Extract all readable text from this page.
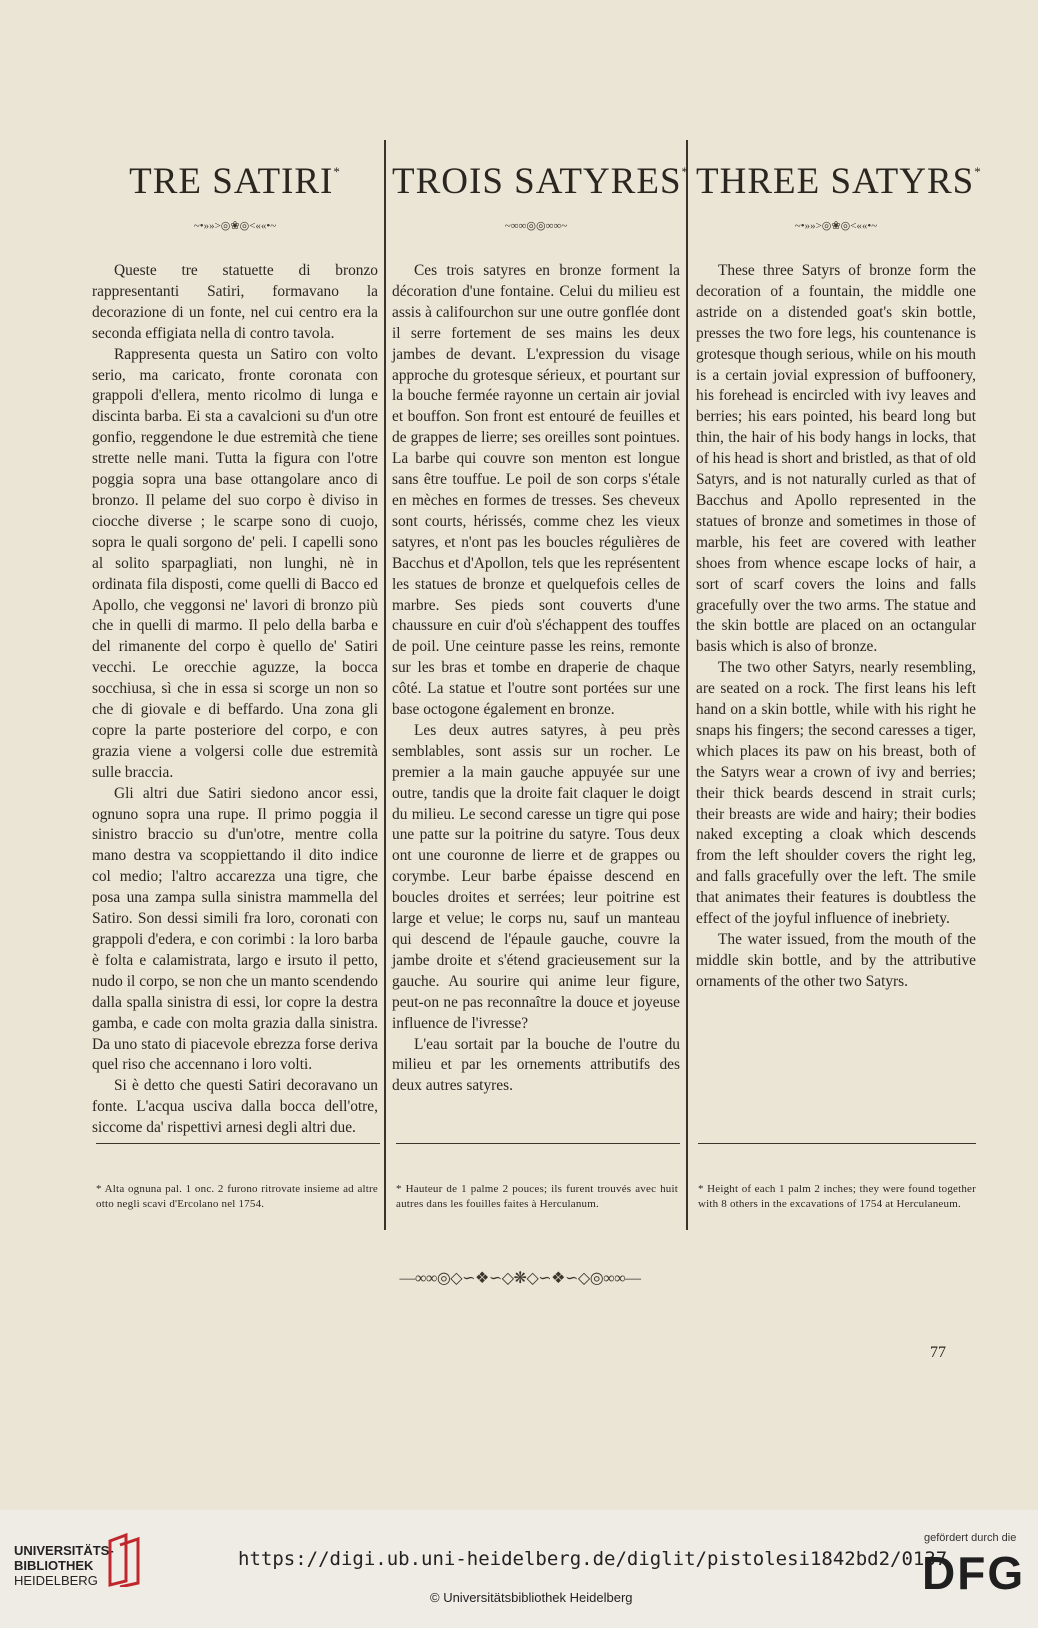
TRE SATIRI*
~•»»>◎❀◎<««•~

Queste tre statuette di bronzo rappresentanti Satiri, formavano la decorazione di un fonte, nel cui centro era la seconda effigiata nella di contro tavola.

Rappresenta questa un Satiro con volto serio, ma caricato, fronte coronata con grappoli d'ellera, mento ricolmo di lunga e discinta barba. Ei sta a cavalcioni su d'un otre gonfio, reggendone le due estremità che tiene strette nelle mani. Tutta la figura con l'otre poggia sopra una base ottangolare anco di bronzo. Il pelame del suo corpo è diviso in ciocche diverse ; le scarpe sono di cuojo, sopra le quali sorgono de' peli. I capelli sono al solito sparpagliati, non lunghi, nè in ordinata fila disposti, come quelli di Bacco ed Apollo, che veggonsi ne' lavori di bronzo più che in quelli di marmo. Il pelo della barba e del rimanente del corpo è quello de' Satiri vecchi. Le orecchie aguzze, la bocca socchiusa, sì che in essa si scorge un non so che di giovale e di beffardo. Una zona gli copre la parte posteriore del corpo, e con grazia viene a volgersi colle due estremità sulle braccia.

Gli altri due Satiri siedono ancor essi, ognuno sopra una rupe. Il primo poggia il sinistro braccio su d'un'otre, mentre colla mano destra va scoppiettando il dito indice col medio; l'altro accarezza una tigre, che posa una zampa sulla sinistra mammella del Satiro. Son dessi simili fra loro, coronati con grappoli d'edera, e con corimbi : la loro barba è folta e calamistrata, largo e irsuto il petto, nudo il corpo, se non che un manto scendendo dalla spalla sinistra di essi, lor copre la destra gamba, e cade con molta grazia dalla sinistra. Da uno stato di piacevole ebrezza forse deriva quel riso che accennano i loro volti.

Si è detto che questi Satiri decoravano un fonte. L'acqua usciva dalla bocca dell'otre, siccome da' rispettivi arnesi degli altri due.

TROIS SATYRES*
~∞∞◎◎∞∞~

Ces trois satyres en bronze forment la décoration d'une fontaine. Celui du milieu est assis à califourchon sur une outre gonflée dont il serre fortement de ses mains les deux jambes de devant. L'expression du visage approche du grotesque sérieux, et pourtant sur la bouche fermée rayonne un certain air jovial et bouffon. Son front est entouré de feuilles et de grappes de lierre; ses oreilles sont pointues. La barbe qui couvre son menton est longue sans être touffue. Le poil de son corps s'étale en mèches en formes de tresses. Ses cheveux sont courts, hérissés, comme chez les vieux satyres, et n'ont pas les boucles régulières de Bacchus et d'Apollon, tels que les représentent les statues de bronze et quelquefois celles de marbre. Ses pieds sont couverts d'une chaussure en cuir d'où s'échappent des touffes de poil. Une ceinture passe les reins, remonte sur les bras et tombe en draperie de chaque côté. La statue et l'outre sont portées sur une base octogone également en bronze.

Les deux autres satyres, à peu près semblables, sont assis sur un rocher. Le premier a la main gauche appuyée sur une outre, tandis que la droite fait claquer le doigt du milieu. Le second caresse un tigre qui pose une patte sur la poitrine du satyre. Tous deux ont une couronne de lierre et de grappes ou corymbe. Leur barbe épaisse descend en boucles droites et serrées; leur poitrine est large et velue; le corps nu, sauf un manteau qui descend de l'épaule gauche, couvre la jambe droite et s'étend gracieusement sur la gauche. Au sourire qui anime leur figure, peut-on ne pas reconnaître la douce et joyeuse influence de l'ivresse?

L'eau sortait par la bouche de l'outre du milieu et par les ornements attributifs des deux autres satyres.

THREE SATYRS*
~•»»>◎❀◎<««•~

These three Satyrs of bronze form the decoration of a fountain, the middle one astride on a distended goat's skin bottle, presses the two fore legs, his countenance is grotesque though serious, while on his mouth is a certain jovial expression of buffoonery, his forehead is encircled with ivy leaves and berries; his ears pointed, his beard long but thin, the hair of his body hangs in locks, that of his head is short and bristled, as that of old Satyrs, and is not naturally curled as that of Bacchus and Apollo represented in the statues of bronze and sometimes in those of marble, his feet are covered with leather shoes from whence escape locks of hair, a sort of scarf covers the loins and falls gracefully over the two arms. The statue and the skin bottle are placed on an octangular basis which is also of bronze.

The two other Satyrs, nearly resembling, are seated on a rock. The first leans his left hand on a skin bottle, while with his right he snaps his fingers; the second caresses a tiger, which places its paw on his breast, both of the Satyrs wear a crown of ivy and berries; their thick beards descend in strait curls; their breasts are wide and hairy; their bodies naked excepting a cloak which descends from the left shoulder covers the right leg, and falls gracefully over the left. The smile that animates their features is doubtless the effect of the joyful influence of inebriety.

The water issued, from the mouth of the middle skin bottle, and by the attributive ornaments of the other two Satyrs.

* Alta ognuna pal. 1 onc. 2 furono ritrovate insieme ad altre otto negli scavi d'Ercolano nel 1754.
* Hauteur de 1 palme 2 pouces; ils furent trouvés avec huit autres dans les fouilles faites à Herculanum.
* Height of each 1 palm 2 inches; they were found together with 8 others in the excavations of 1754 at Herculaneum.
—∞∞◎◇∽❖∽◇❋◇∽❖∽◇◎∞∞—
77
UNIVERSITÄTS-
BIBLIOTHEK
HEIDELBERG
https://digi.ub.uni-heidelberg.de/diglit/pistolesi1842bd2/0137
© Universitätsbibliothek Heidelberg
gefördert durch die
DFG
